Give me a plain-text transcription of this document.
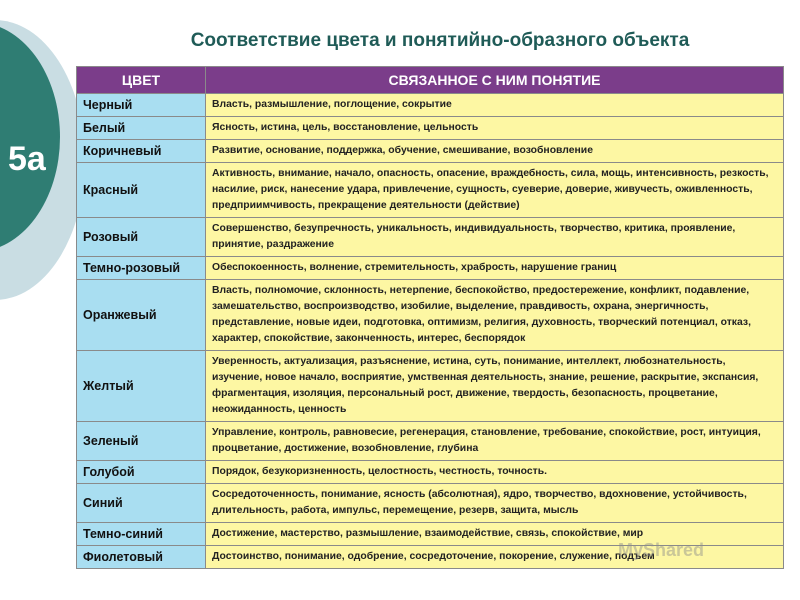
5а
Соответствие цвета и понятийно-образного объекта
ЦВЕТ	СВЯЗАННОЕ С НИМ ПОНЯТИЕ
Черный	Власть, размышление, поглощение, сокрытие
Белый	Ясность, истина, цель, восстановление, цельность
Коричневый	Развитие, основание, поддержка, обучение, смешивание, возобновление
Красный	Активность, внимание, начало, опасность, опасение, враждебность, сила, мощь, интенсивность, резкость, насилие, риск, нанесение удара, привлечение, сущность, суеверие, доверие, живучесть, оживленность, предприимчивость, прекращение деятельности (действие)
Розовый	Совершенство, безупречность, уникальность, индивидуальность, творчество, критика, проявление, принятие, раздражение
Темно-розовый	Обеспокоенность, волнение, стремительность, храбрость, нарушение границ
Оранжевый	Власть, полномочие, склонность, нетерпение, беспокойство, предостережение, конфликт, подавление, замешательство, воспроизводство, изобилие, выделение, правдивость, охрана, энергичность, представление, новые идеи, подготовка, оптимизм, религия, духовность, творческий потенциал, отказ, характер, спокойствие, законченность, интерес, беспорядок
Желтый	Уверенность, актуализация, разъяснение, истина, суть, понимание, интеллект, любознательность, изучение, новое начало, восприятие, умственная деятельность, знание, решение, раскрытие, экспансия, фрагментация, изоляция, персональный рост, движение, твердость, безопасность, процветание, неожиданность, ценность
Зеленый	Управление, контроль, равновесие, регенерация, становление, требование, спокойствие, рост, интуиция, процветание, достижение, возобновление, глубина
Голубой	Порядок, безукоризненность, целостность, честность, точность.
Синий	Сосредоточенность, понимание, ясность (абсолютная), ядро, творчество, вдохновение, устойчивость, длительность, работа, импульс, перемещение, резерв, защита, мысль
Темно-синий	Достижение, мастерство, размышление, взаимодействие, связь, спокойствие, мир
Фиолетовый	Достоинство, понимание, одобрение, сосредоточение, покорение, служение, подъем
MyShared
